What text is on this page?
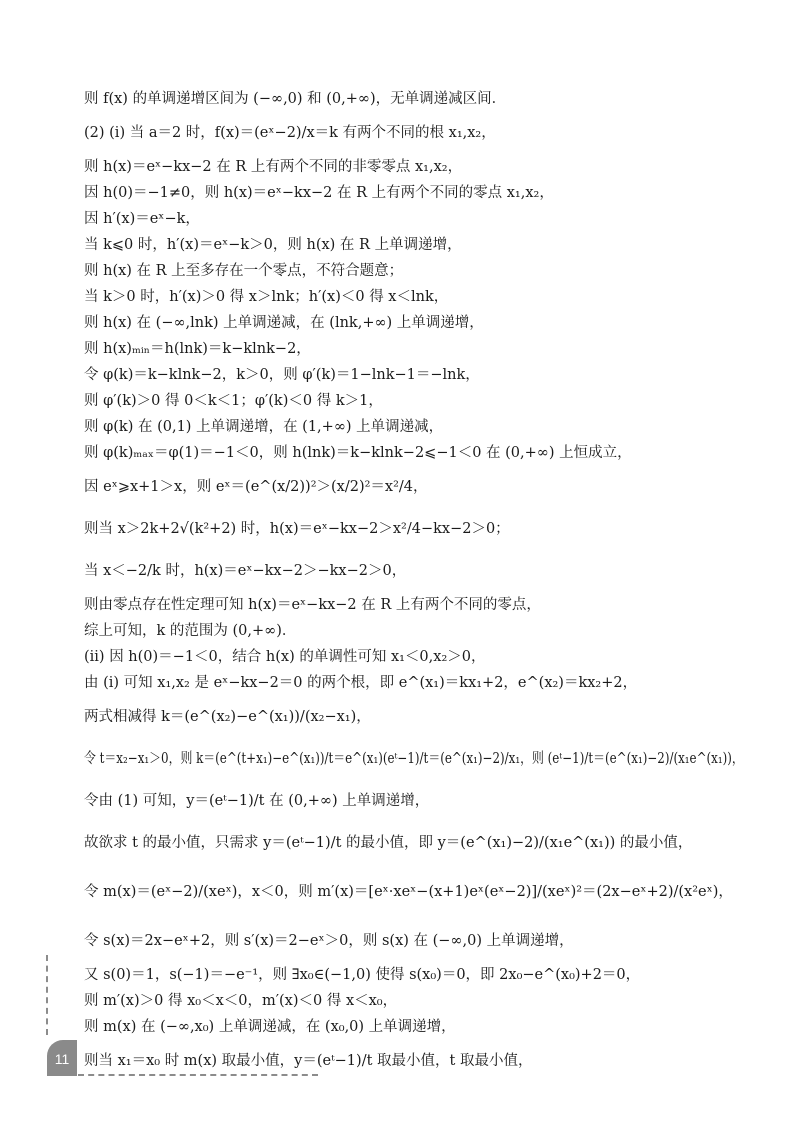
则 f(x) 的单调递增区间为 (−∞,0) 和 (0,+∞)，无单调递减区间．
(2) (i) 当 a＝2 时，f(x)＝(eˣ−2)/x＝k 有两个不同的根 x₁,x₂，
则 h(x)＝eˣ−kx−2 在 R 上有两个不同的非零零点 x₁,x₂，
因 h(0)＝−1≠0，则 h(x)＝eˣ−kx−2 在 R 上有两个不同的零点 x₁,x₂，
因 h′(x)＝eˣ−k，
当 k⩽0 时，h′(x)＝eˣ−k＞0，则 h(x) 在 R 上单调递增，
则 h(x) 在 R 上至多存在一个零点，不符合题意；
当 k＞0 时，h′(x)＞0 得 x＞lnk；h′(x)＜0 得 x＜lnk，
则 h(x) 在 (−∞,lnk) 上单调递减，在 (lnk,+∞) 上单调递增，
则 h(x)ₘᵢₙ＝h(lnk)＝k−klnk−2，
令 φ(k)＝k−klnk−2，k＞0，则 φ′(k)＝1−lnk−1＝−lnk，
则 φ′(k)＞0 得 0＜k＜1；φ′(k)＜0 得 k＞1，
则 φ(k) 在 (0,1) 上单调递增，在 (1,+∞) 上单调递减，
则 φ(k)ₘₐₓ＝φ(1)＝−1＜0，则 h(lnk)＝k−klnk−2⩽−1＜0 在 (0,+∞) 上恒成立，
因 eˣ⩾x+1＞x，则 eˣ＝(e^(x/2))²＞(x/2)²＝x²/4，
则当 x＞2k+2√(k²+2) 时，h(x)＝eˣ−kx−2＞x²/4−kx−2＞0；
当 x＜−2/k 时，h(x)＝eˣ−kx−2＞−kx−2＞0，
则由零点存在性定理可知 h(x)＝eˣ−kx−2 在 R 上有两个不同的零点，
综上可知，k 的范围为 (0,+∞)．
(ii) 因 h(0)＝−1＜0，结合 h(x) 的单调性可知 x₁＜0,x₂＞0，
由 (i) 可知 x₁,x₂ 是 eˣ−kx−2＝0 的两个根，即 e^(x₁)＝kx₁+2，e^(x₂)＝kx₂+2，
两式相减得 k＝(e^(x₂)−e^(x₁))/(x₂−x₁)，
令 t＝x₂−x₁＞0，则 k＝(e^(t+x₁)−e^(x₁))/t＝e^(x₁)(eᵗ−1)/t＝(e^(x₁)−2)/x₁，则 (eᵗ−1)/t＝(e^(x₁)−2)/(x₁e^(x₁))，
令由 (1) 可知，y＝(eᵗ−1)/t 在 (0,+∞) 上单调递增，
故欲求 t 的最小值，只需求 y＝(eᵗ−1)/t 的最小值，即 y＝(e^(x₁)−2)/(x₁e^(x₁)) 的最小值，
令 m(x)＝(eˣ−2)/(xeˣ)，x＜0，则 m′(x)＝[eˣ·xeˣ−(x+1)eˣ(eˣ−2)]/(xeˣ)²＝(2x−eˣ+2)/(x²eˣ)，
令 s(x)＝2x−eˣ+2，则 s′(x)＝2−eˣ＞0，则 s(x) 在 (−∞,0) 上单调递增，
又 s(0)＝1，s(−1)＝−e⁻¹，则 ∃x₀∈(−1,0) 使得 s(x₀)＝0，即 2x₀−e^(x₀)+2＝0，
则 m′(x)＞0 得 x₀＜x＜0，m′(x)＜0 得 x＜x₀，
则 m(x) 在 (−∞,x₀) 上单调递减，在 (x₀,0) 上单调递增，
则当 x₁＝x₀ 时 m(x) 取最小值，y＝(eᵗ−1)/t 取最小值，t 取最小值，
11
